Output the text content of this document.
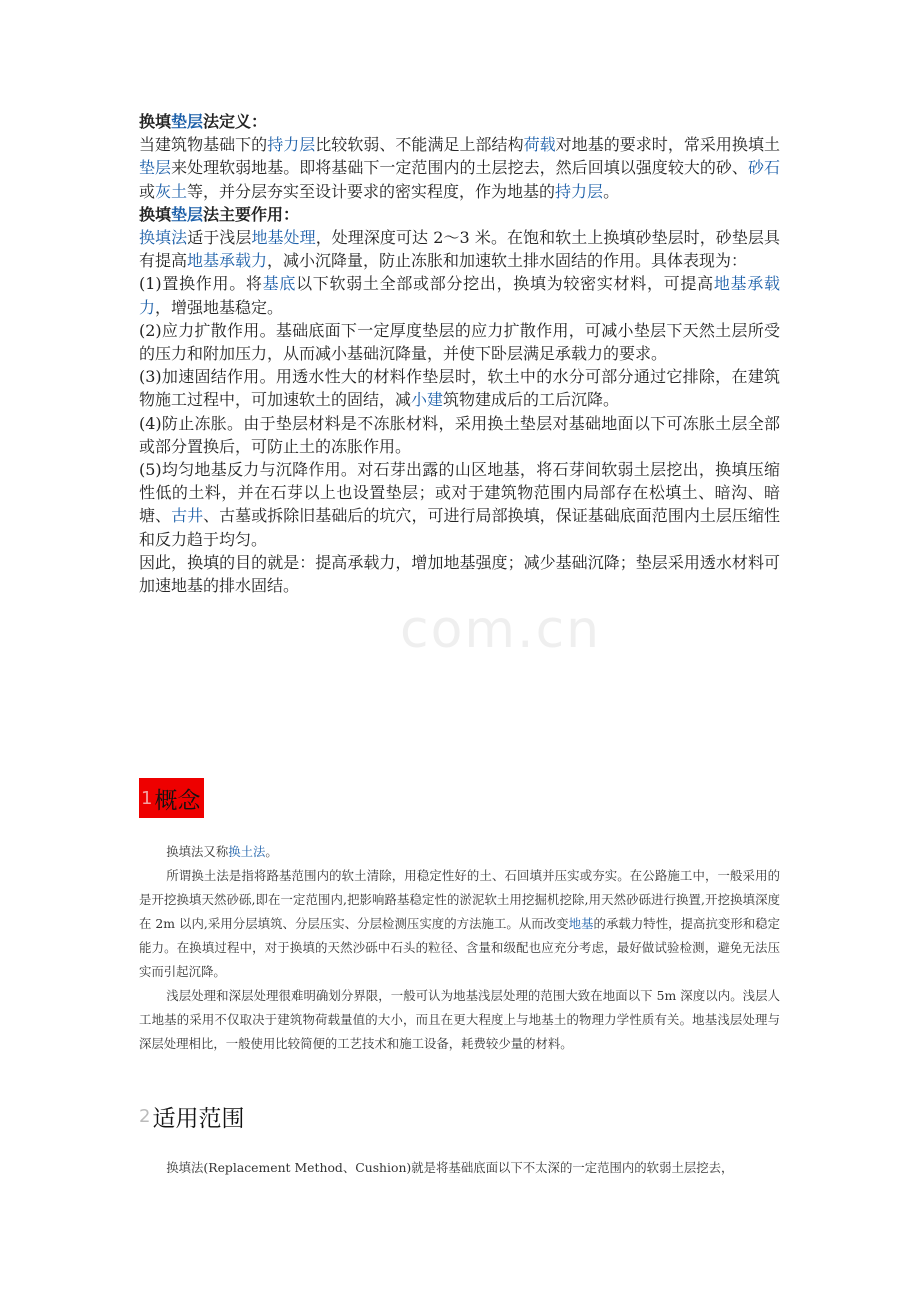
换填垫层法定义：

当建筑物基础下的持力层比较软弱、不能满足上部结构荷载对地基的要求时，常采用换填土垫层来处理软弱地基。即将基础下一定范围内的土层挖去，然后回填以强度较大的砂、砂石或灰土等，并分层夯实至设计要求的密实程度，作为地基的持力层。

换填垫层法主要作用：

换填法适于浅层地基处理，处理深度可达 2～3 米。在饱和软土上换填砂垫层时，砂垫层具有提高地基承载力，减小沉降量，防止冻胀和加速软土排水固结的作用。具体表现为：

(1)置换作用。将基底以下软弱土全部或部分挖出，换填为较密实材料，可提高地基承载力，增强地基稳定。

(2)应力扩散作用。基础底面下一定厚度垫层的应力扩散作用，可减小垫层下天然土层所受的压力和附加压力，从而减小基础沉降量，并使下卧层满足承载力的要求。

(3)加速固结作用。用透水性大的材料作垫层时，软土中的水分可部分通过它排除，在建筑物施工过程中，可加速软土的固结，减小建筑物建成后的工后沉降。

(4)防止冻胀。由于垫层材料是不冻胀材料，采用换土垫层对基础地面以下可冻胀土层全部或部分置换后，可防止土的冻胀作用。

(5)均匀地基反力与沉降作用。对石芽出露的山区地基，将石芽间软弱土层挖出，换填压缩性低的土料，并在石芽以上也设置垫层；或对于建筑物范围内局部存在松填土、暗沟、暗塘、古井、古墓或拆除旧基础后的坑穴，可进行局部换填，保证基础底面范围内土层压缩性和反力趋于均匀。

因此，换填的目的就是：提高承载力，增加地基强度；减少基础沉降；垫层采用透水材料可加速地基的排水固结。

com.cn
1 概念

换填法又称换土法。

所谓换土法是指将路基范围内的软土清除，用稳定性好的土、石回填并压实或夯实。在公路施工中，一般采用的是开挖换填天然砂砾,即在一定范围内,把影响路基稳定性的淤泥软土用挖掘机挖除,用天然砂砾进行换置,开挖换填深度在 2m 以内,采用分层填筑、分层压实、分层检测压实度的方法施工。从而改变地基的承载力特性，提高抗变形和稳定能力。在换填过程中，对于换填的天然沙砾中石头的粒径、含量和级配也应充分考虑，最好做试验检测，避免无法压实而引起沉降。

浅层处理和深层处理很难明确划分界限，一般可认为地基浅层处理的范围大致在地面以下 5m 深度以内。浅层人工地基的采用不仅取决于建筑物荷载量值的大小，而且在更大程度上与地基土的物理力学性质有关。地基浅层处理与深层处理相比，一般使用比较简便的工艺技术和施工设备，耗费较少量的材料。

2 适用范围

换填法(Replacement Method、Cushion)就是将基础底面以下不太深的一定范围内的软弱土层挖去，
